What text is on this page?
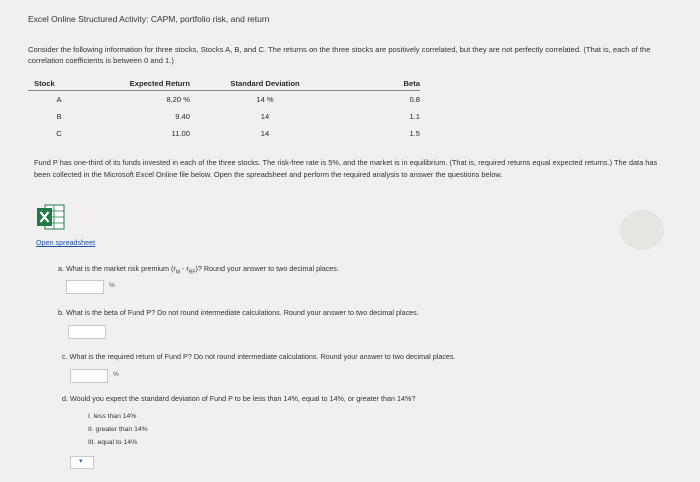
Excel Online Structured Activity: CAPM, portfolio risk, and return
Consider the following information for three stocks, Stocks A, B, and C. The returns on the three stocks are positively correlated, but they are not perfectly correlated. (That is, each of the correlation coefficients is between 0 and 1.)
Stock	Expected Return	Standard Deviation	Beta
A	8.20 %	14 %	0.8
B	9.40	14	1.1
C	11.00	14	1.5
Fund P has one-third of its funds invested in each of the three stocks. The risk-free rate is 5%, and the market is in equilibrium. (That is, required returns equal expected returns.) The data has been collected in the Microsoft Excel Online file below. Open the spreadsheet and perform the required analysis to answer the questions below.
Open spreadsheet
a. What is the market risk premium $(r_M - r_{RF})$? Round your answer to two decimal places.
%
b. What is the beta of Fund P? Do not round intermediate calculations. Round your answer to two decimal places.
c. What is the required return of Fund P? Do not round intermediate calculations. Round your answer to two decimal places.
%
d. Would you expect the standard deviation of Fund P to be less than 14%, equal to 14%, or greater than 14%?
I. less than 14%
II. greater than 14%
III. equal to 14%
▾
